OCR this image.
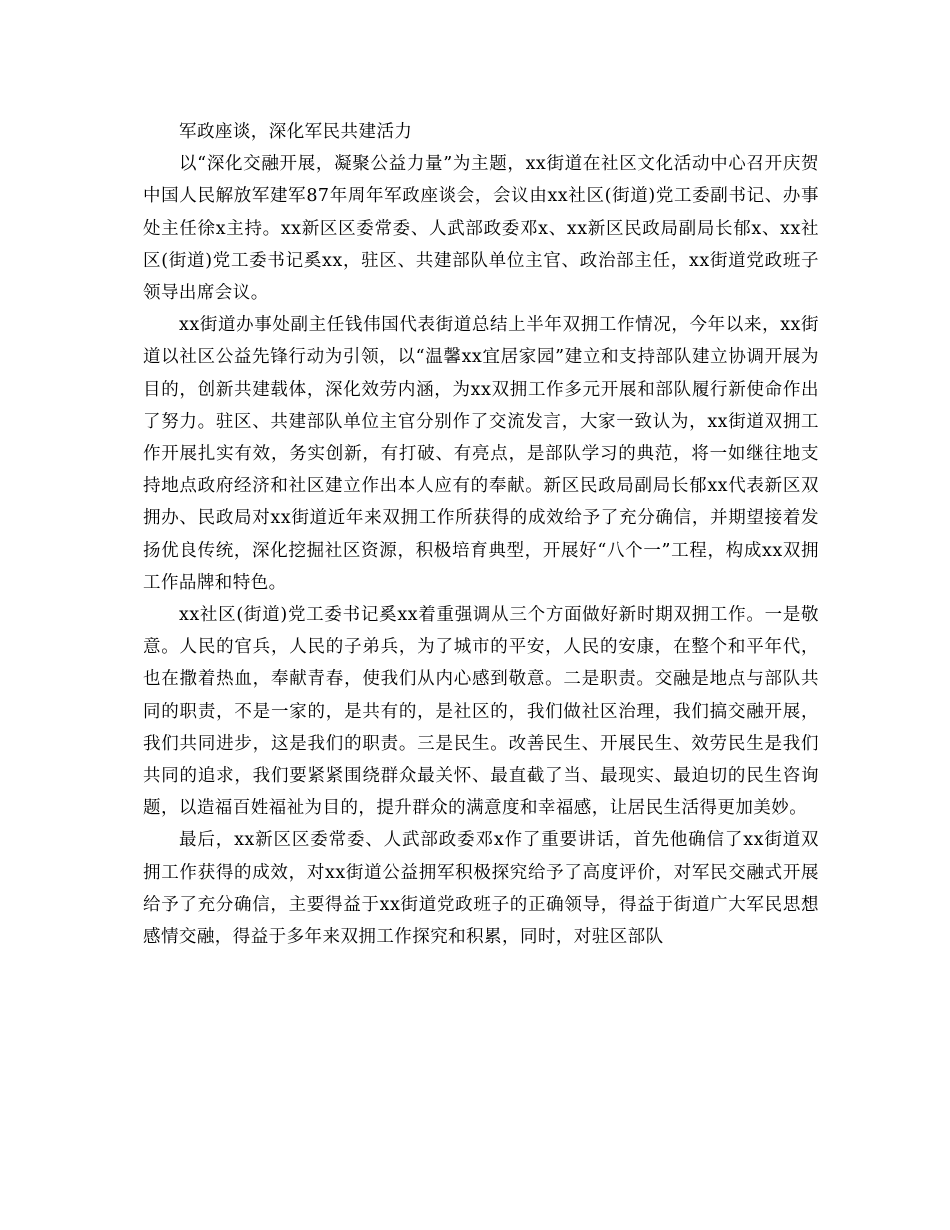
军政座谈，深化军民共建活力

以“深化交融开展，凝聚公益力量”为主题，xx街道在社区文化活动中心召开庆贺中国人民解放军建军87年周年军政座谈会，会议由xx社区(街道)党工委副书记、办事处主任徐x主持。xx新区区委常委、人武部政委邓x、xx新区民政局副局长郁x、xx社区(街道)党工委书记奚xx，驻区、共建部队单位主官、政治部主任，xx街道党政班子领导出席会议。

xx街道办事处副主任钱伟国代表街道总结上半年双拥工作情况，今年以来，xx街道以社区公益先锋行动为引领，以“温馨xx宜居家园”建立和支持部队建立协调开展为目的，创新共建载体，深化效劳内涵，为xx双拥工作多元开展和部队履行新使命作出了努力。驻区、共建部队单位主官分别作了交流发言，大家一致认为，xx街道双拥工作开展扎实有效，务实创新，有打破、有亮点，是部队学习的典范，将一如继往地支持地点政府经济和社区建立作出本人应有的奉献。新区民政局副局长郁xx代表新区双拥办、民政局对xx街道近年来双拥工作所获得的成效给予了充分确信，并期望接着发扬优良传统，深化挖掘社区资源，积极培育典型，开展好“八个一”工程，构成xx双拥工作品牌和特色。

xx社区(街道)党工委书记奚xx着重强调从三个方面做好新时期双拥工作。一是敬意。人民的官兵，人民的子弟兵，为了城市的平安，人民的安康，在整个和平年代，也在撒着热血，奉献青春，使我们从内心感到敬意。二是职责。交融是地点与部队共同的职责，不是一家的，是共有的，是社区的，我们做社区治理，我们搞交融开展，我们共同进步，这是我们的职责。三是民生。改善民生、开展民生、效劳民生是我们共同的追求，我们要紧紧围绕群众最关怀、最直截了当、最现实、最迫切的民生咨询题，以造福百姓福祉为目的，提升群众的满意度和幸福感，让居民生活得更加美妙。

最后，xx新区区委常委、人武部政委邓x作了重要讲话，首先他确信了xx街道双拥工作获得的成效，对xx街道公益拥军积极探究给予了高度评价，对军民交融式开展给予了充分确信，主要得益于xx街道党政班子的正确领导，得益于街道广大军民思想感情交融，得益于多年来双拥工作探究和积累，同时，对驻区部队
